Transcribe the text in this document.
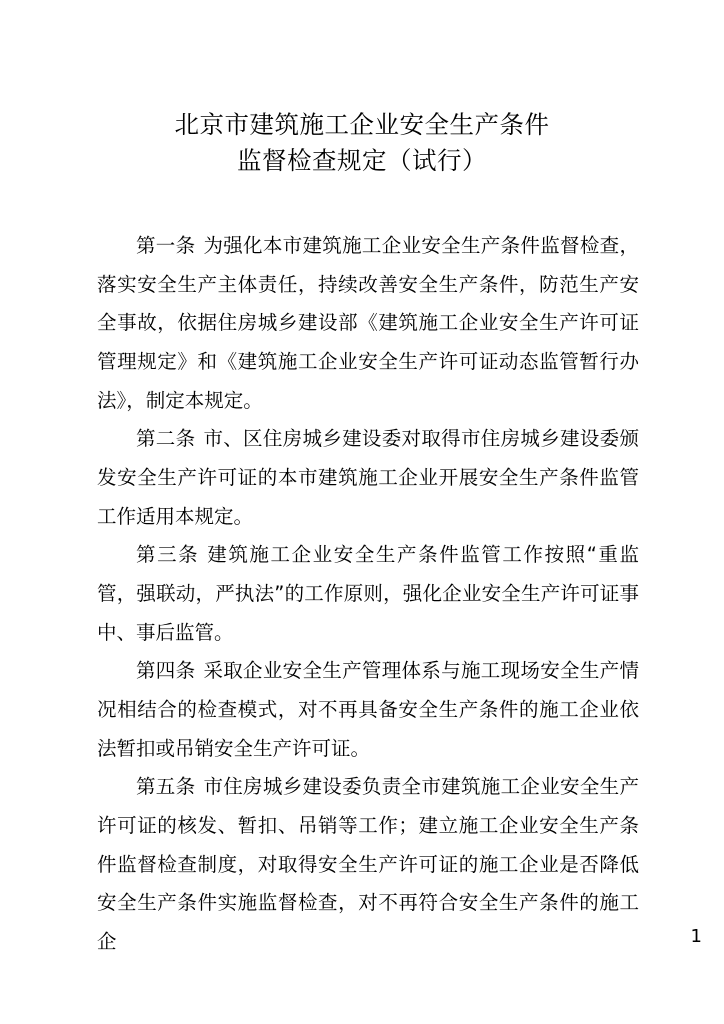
北京市建筑施工企业安全生产条件
监督检查规定（试行）

第一条 为强化本市建筑施工企业安全生产条件监督检查，落实安全生产主体责任，持续改善安全生产条件，防范生产安全事故，依据住房城乡建设部《建筑施工企业安全生产许可证管理规定》和《建筑施工企业安全生产许可证动态监管暂行办法》，制定本规定。

第二条 市、区住房城乡建设委对取得市住房城乡建设委颁发安全生产许可证的本市建筑施工企业开展安全生产条件监管工作适用本规定。

第三条 建筑施工企业安全生产条件监管工作按照“重监管，强联动，严执法”的工作原则，强化企业安全生产许可证事中、事后监管。

第四条 采取企业安全生产管理体系与施工现场安全生产情况相结合的检查模式，对不再具备安全生产条件的施工企业依法暂扣或吊销安全生产许可证。

第五条 市住房城乡建设委负责全市建筑施工企业安全生产许可证的核发、暂扣、吊销等工作；建立施工企业安全生产条件监督检查制度，对取得安全生产许可证的施工企业是否降低安全生产条件实施监督检查，对不再符合安全生产条件的施工企	1
